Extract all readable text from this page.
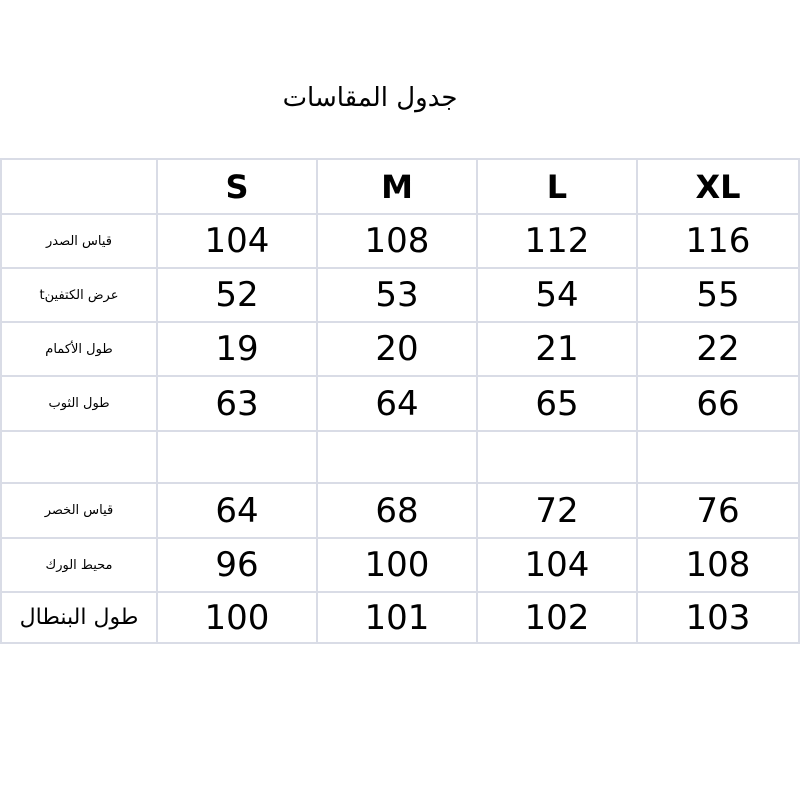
جدول المقاسات
	S	M	L	XL
قياس الصدر	104	108	112	116
عرض الكتفينt	52	53	54	55
طول الأكمام	19	20	21	22
طول الثوب	63	64	65	66

قياس الخصر	64	68	72	76
محيط الورك	96	100	104	108
طول البنطال	100	101	102	103
